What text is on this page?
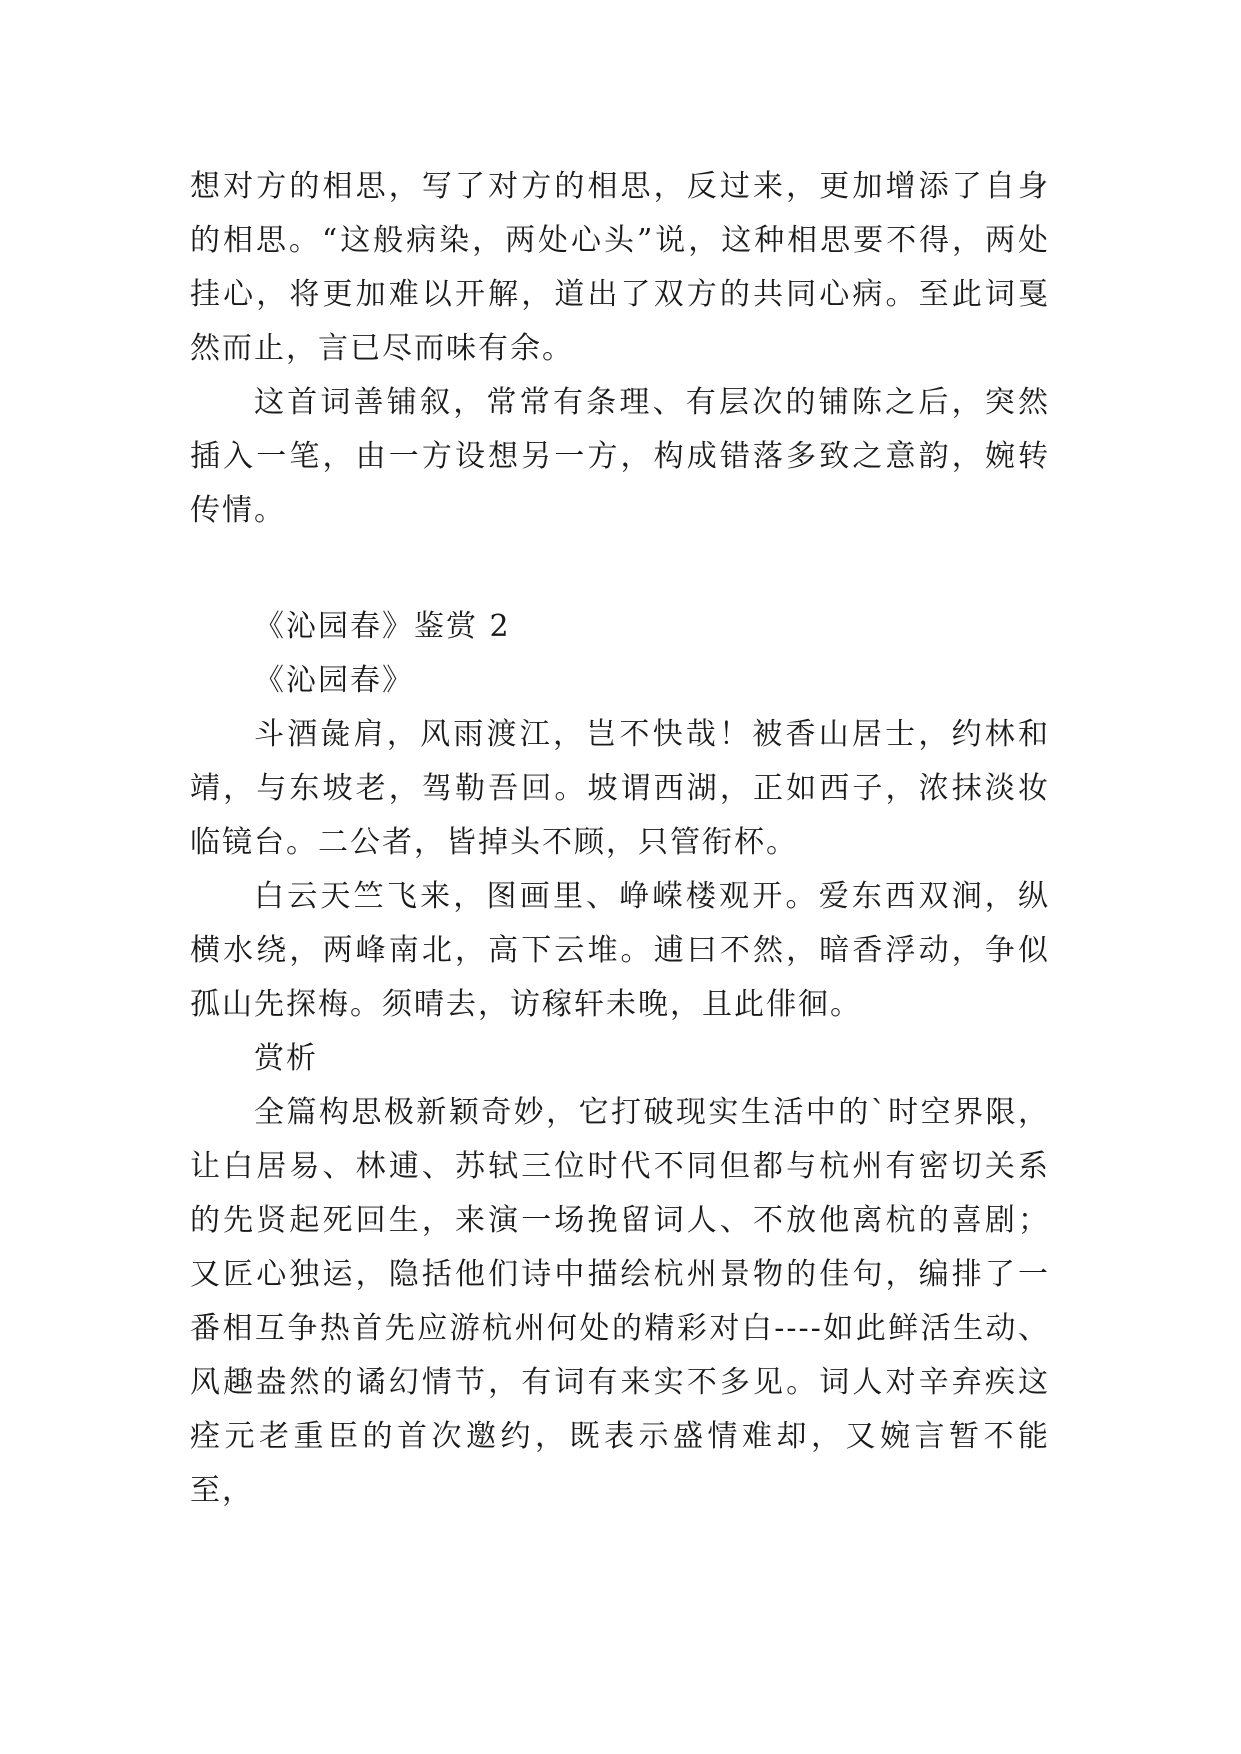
想对方的相思，写了对方的相思，反过来，更加增添了自身的相思。“这般病染，两处心头”说，这种相思要不得，两处挂心，将更加难以开解，道出了双方的共同心病。至此词戛然而止，言已尽而味有余。

这首词善铺叙，常常有条理、有层次的铺陈之后，突然插入一笔，由一方设想另一方，构成错落多致之意韵，婉转传情。

《沁园春》鉴赏 2

《沁园春》

斗酒彘肩，风雨渡江，岂不快哉！被香山居士，约林和靖，与东坡老，驾勒吾回。坡谓西湖，正如西子，浓抹淡妆临镜台。二公者，皆掉头不顾，只管衔杯。

白云天竺飞来，图画里、峥嵘楼观开。爱东西双涧，纵横水绕，两峰南北，高下云堆。逋曰不然，暗香浮动，争似孤山先探梅。须晴去，访稼轩未晚，且此俳徊。

赏析

全篇构思极新颖奇妙，它打破现实生活中的`时空界限，让白居易、林逋、苏轼三位时代不同但都与杭州有密切关系的先贤起死回生，来演一场挽留词人、不放他离杭的喜剧；又匠心独运，隐括他们诗中描绘杭州景物的佳句，编排了一番相互争热首先应游杭州何处的精彩对白----如此鲜活生动、风趣盎然的谲幻情节，有词有来实不多见。词人对辛弃疾这痊元老重臣的首次邀约，既表示盛情难却，又婉言暂不能至，
